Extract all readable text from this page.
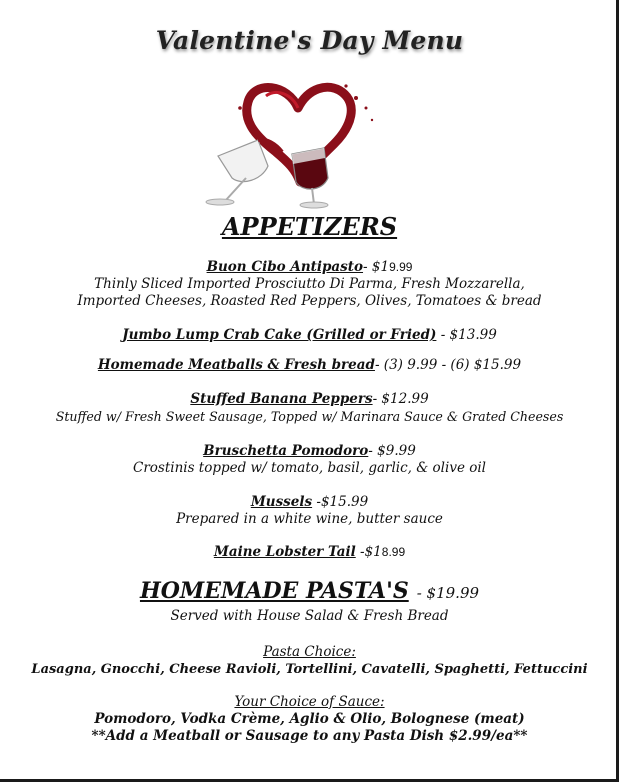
Valentine's Day Menu
APPETIZERS
Buon Cibo Antipasto- $19.99
Thinly Sliced Imported Prosciutto Di Parma, Fresh Mozzarella,
Imported Cheeses, Roasted Red Peppers, Olives, Tomatoes & bread
Jumbo Lump Crab Cake (Grilled or Fried) - $13.99
Homemade Meatballs & Fresh bread- (3) 9.99 - (6) $15.99
Stuffed Banana Peppers- $12.99
Stuffed w/ Fresh Sweet Sausage, Topped w/ Marinara Sauce & Grated Cheeses
Bruschetta Pomodoro- $9.99
Crostinis topped w/ tomato, basil, garlic, & olive oil
Mussels -$15.99
Prepared in a white wine, butter sauce
Maine Lobster Tail -$18.99
HOMEMADE PASTA'S - $19.99
Served with House Salad & Fresh Bread
Pasta Choice:
Lasagna, Gnocchi, Cheese Ravioli, Tortellini, Cavatelli, Spaghetti, Fettuccini
Your Choice of Sauce:
Pomodoro, Vodka Crème, Aglio & Olio, Bolognese (meat)
**Add a Meatball or Sausage to any Pasta Dish $2.99/ea**
